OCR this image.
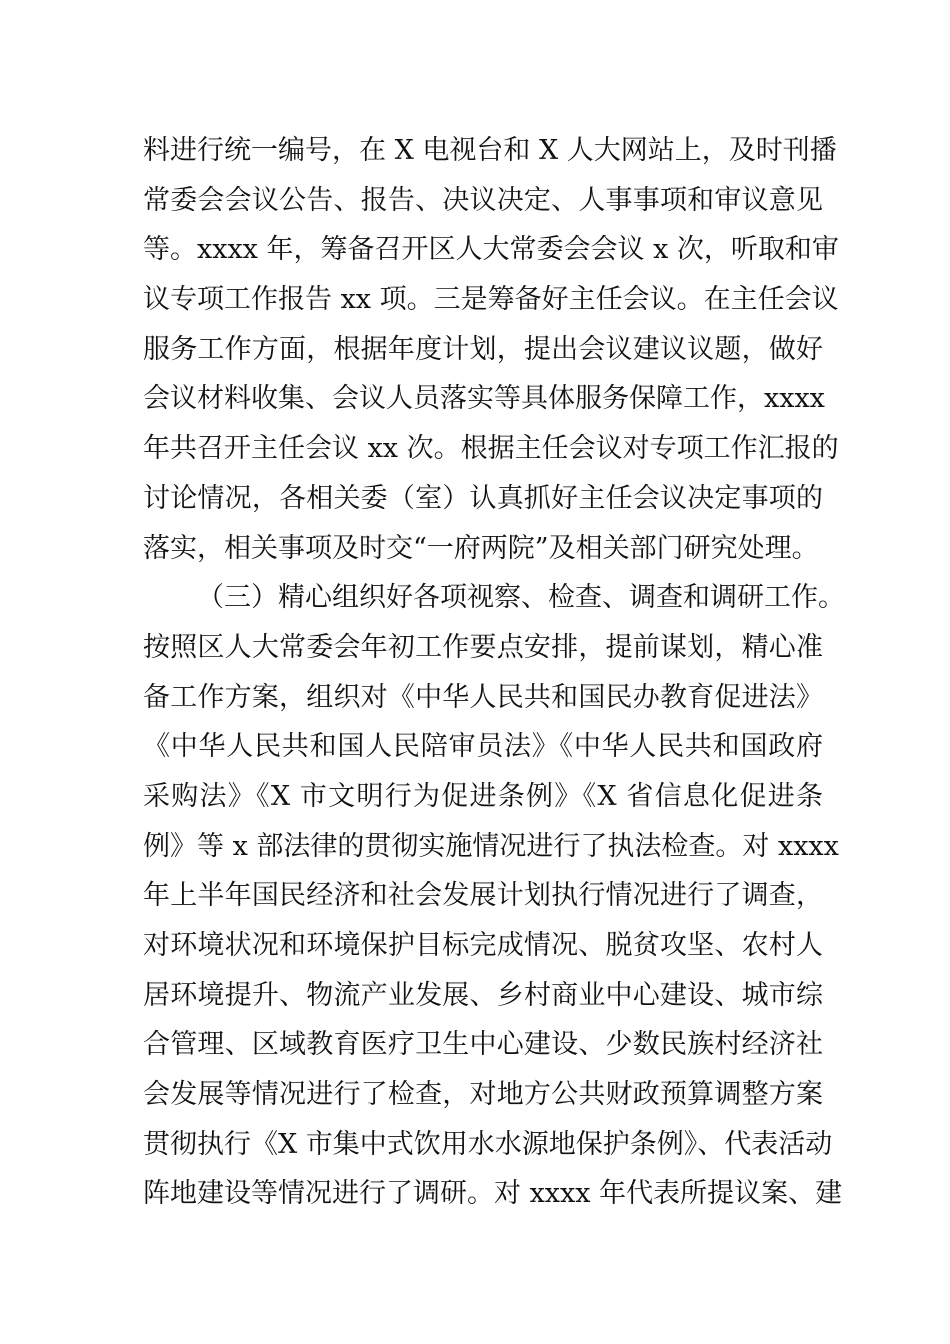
料进行统一编号，在 X 电视台和 X 人大网站上，及时刊播
常委会会议公告、报告、决议决定、人事事项和审议意见
等。xxxx 年，筹备召开区人大常委会会议 x 次，听取和审
议专项工作报告 xx 项。三是筹备好主任会议。在主任会议
服务工作方面，根据年度计划，提出会议建议议题，做好
会议材料收集、会议人员落实等具体服务保障工作，xxxx
年共召开主任会议 xx 次。根据主任会议对专项工作汇报的
讨论情况，各相关委（室）认真抓好主任会议决定事项的
落实，相关事项及时交“一府两院”及相关部门研究处理。
（三）精心组织好各项视察、检查、调查和调研工作。
按照区人大常委会年初工作要点安排，提前谋划，精心准
备工作方案，组织对《中华人民共和国民办教育促进法》
《中华人民共和国人民陪审员法》《中华人民共和国政府
采购法》《X 市文明行为促进条例》《X 省信息化促进条
例》等 x 部法律的贯彻实施情况进行了执法检查。对 xxxx
年上半年国民经济和社会发展计划执行情况进行了调查，
对环境状况和环境保护目标完成情况、脱贫攻坚、农村人
居环境提升、物流产业发展、乡村商业中心建设、城市综
合管理、区域教育医疗卫生中心建设、少数民族村经济社
会发展等情况进行了检查，对地方公共财政预算调整方案
贯彻执行《X 市集中式饮用水水源地保护条例》、代表活动
阵地建设等情况进行了调研。对 xxxx 年代表所提议案、建
